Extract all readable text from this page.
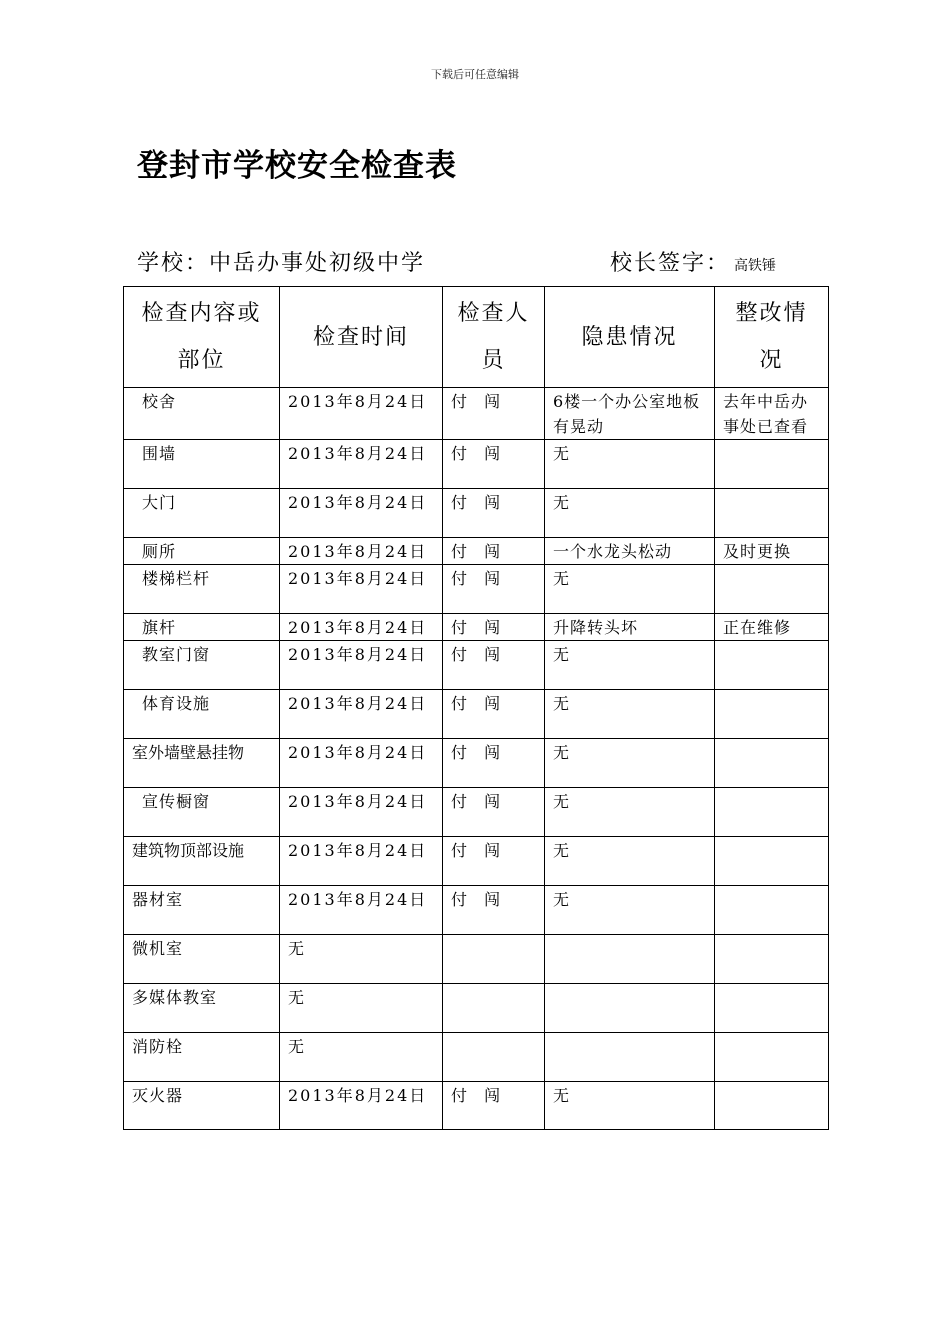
下载后可任意编辑
登封市学校安全检查表
学校：中岳办事处初级中学	校长签字： 高铁锤
检查内容或部位	检查时间	检查人员	隐患情况	整改情况
校舍	2013年8月24日	付 闯	6楼一个办公室地板有晃动	去年中岳办事处已查看
围墙	2013年8月24日	付 闯	无	
大门	2013年8月24日	付 闯	无	
厕所	2013年8月24日	付 闯	一个水龙头松动	及时更换
楼梯栏杆	2013年8月24日	付 闯	无	
旗杆	2013年8月24日	付 闯	升降转头坏	正在维修
教室门窗	2013年8月24日	付 闯	无	
体育设施	2013年8月24日	付 闯	无	
室外墙壁悬挂物	2013年8月24日	付 闯	无	
宣传橱窗	2013年8月24日	付 闯	无	
建筑物顶部设施	2013年8月24日	付 闯	无	
器材室	2013年8月24日	付 闯	无	
微机室	无			
多媒体教室	无			
消防栓	无			
灭火器	2013年8月24日	付 闯	无	
